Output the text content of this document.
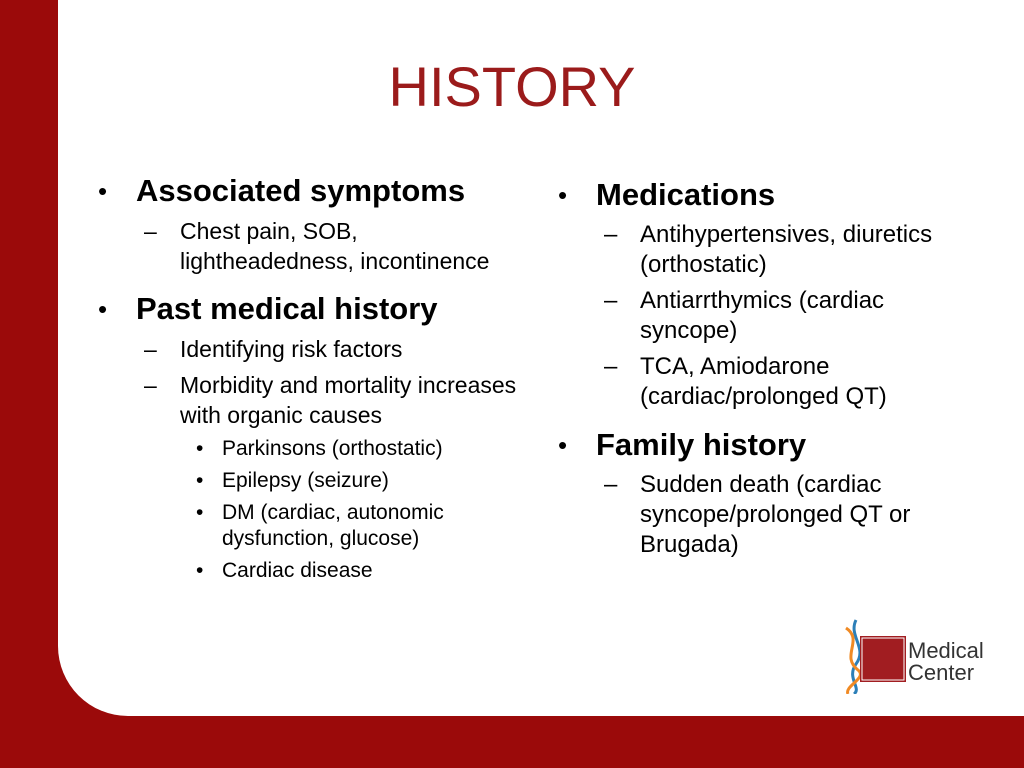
HISTORY
• Associated symptoms
–	Chest pain, SOB, lightheadedness, incontinence
• Past medical history
–	Identifying risk factors
–	Morbidity and mortality increases with organic causes
• Parkinsons (orthostatic)
• Epilepsy (seizure)
• DM (cardiac, autonomic dysfunction, glucose)
• Cardiac disease
• Medications
– Antihypertensives, diuretics (orthostatic)
– Antiarrthymics (cardiac syncope)
– TCA, Amiodarone (cardiac/prolonged QT)
• Family history
– Sudden death (cardiac syncope/prolonged QT or Brugada)
Medical
Center
